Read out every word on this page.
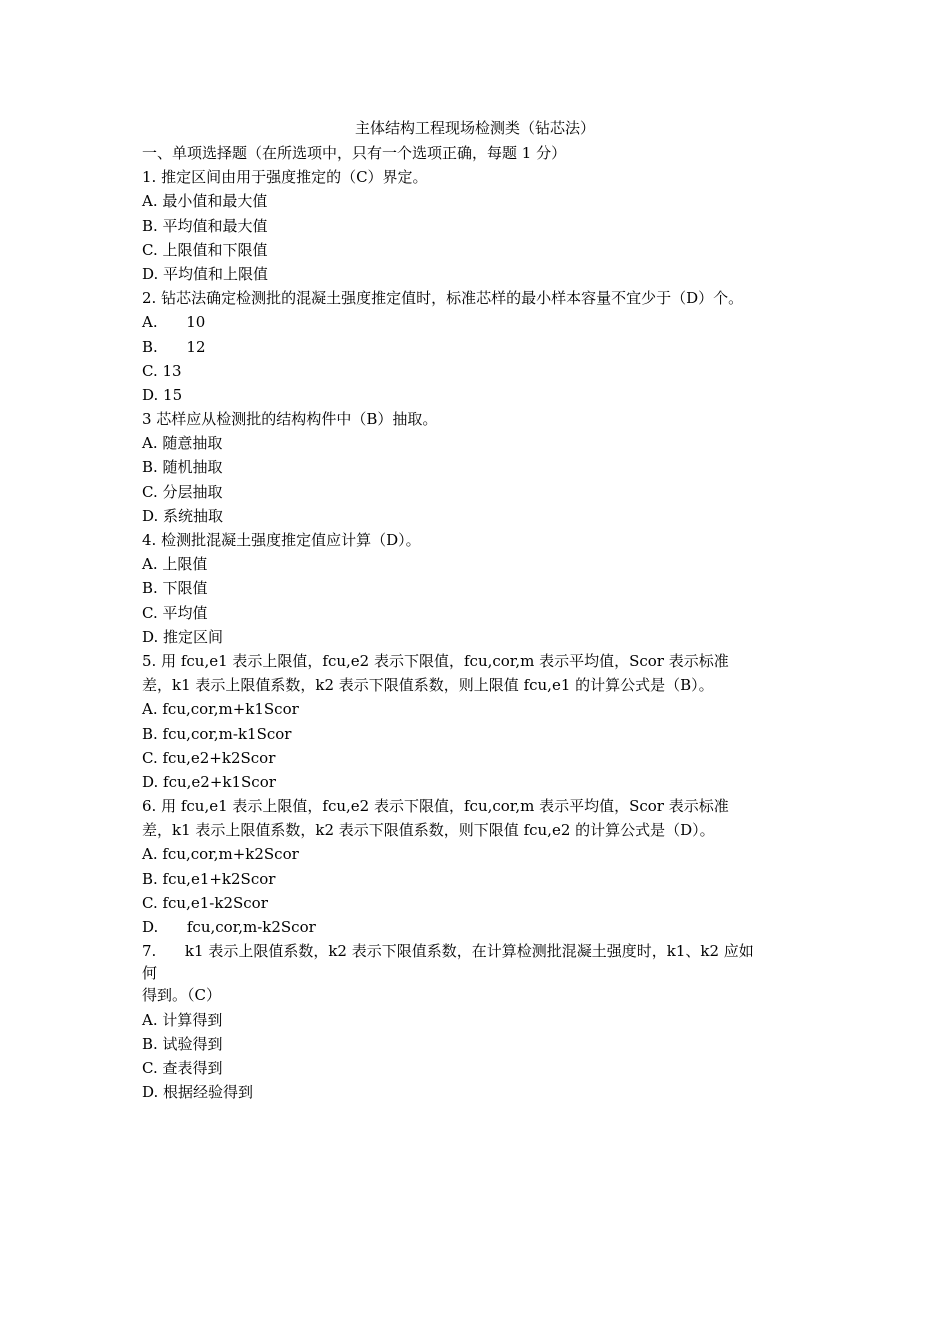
主体结构工程现场检测类（钻芯法）
一、单项选择题（在所选项中，只有一个选项正确，每题 1 分）
1. 推定区间由用于强度推定的（C）界定。
A. 最小值和最大值
B. 平均值和最大值
C. 上限值和下限值
D. 平均值和上限值
2. 钻芯法确定检测批的混凝土强度推定值时，标准芯样的最小样本容量不宜少于（D）个。
A.      10
B.      12
C. 13
D. 15
3 芯样应从检测批的结构构件中（B）抽取。
A. 随意抽取
B. 随机抽取
C. 分层抽取
D. 系统抽取
4. 检测批混凝土强度推定值应计算（D）。
A. 上限值
B. 下限值
C. 平均值
D. 推定区间
5. 用 fcu,e1 表示上限值，fcu,e2 表示下限值，fcu,cor,m 表示平均值，Scor 表示标准
差，k1 表示上限值系数，k2 表示下限值系数，则上限值 fcu,e1 的计算公式是（B）。
A. fcu,cor,m+k1Scor
B. fcu,cor,m-k1Scor
C. fcu,e2+k2Scor
D. fcu,e2+k1Scor
6. 用 fcu,e1 表示上限值，fcu,e2 表示下限值，fcu,cor,m 表示平均值，Scor 表示标准
差，k1 表示上限值系数，k2 表示下限值系数，则下限值 fcu,e2 的计算公式是（D）。
A. fcu,cor,m+k2Scor
B. fcu,e1+k2Scor
C. fcu,e1-k2Scor
D.      fcu,cor,m-k2Scor
7.      k1 表示上限值系数，k2 表示下限值系数，在计算检测批混凝土强度时，k1、k2 应如
何
得到。（C）
A. 计算得到
B. 试验得到
C. 查表得到
D. 根据经验得到
